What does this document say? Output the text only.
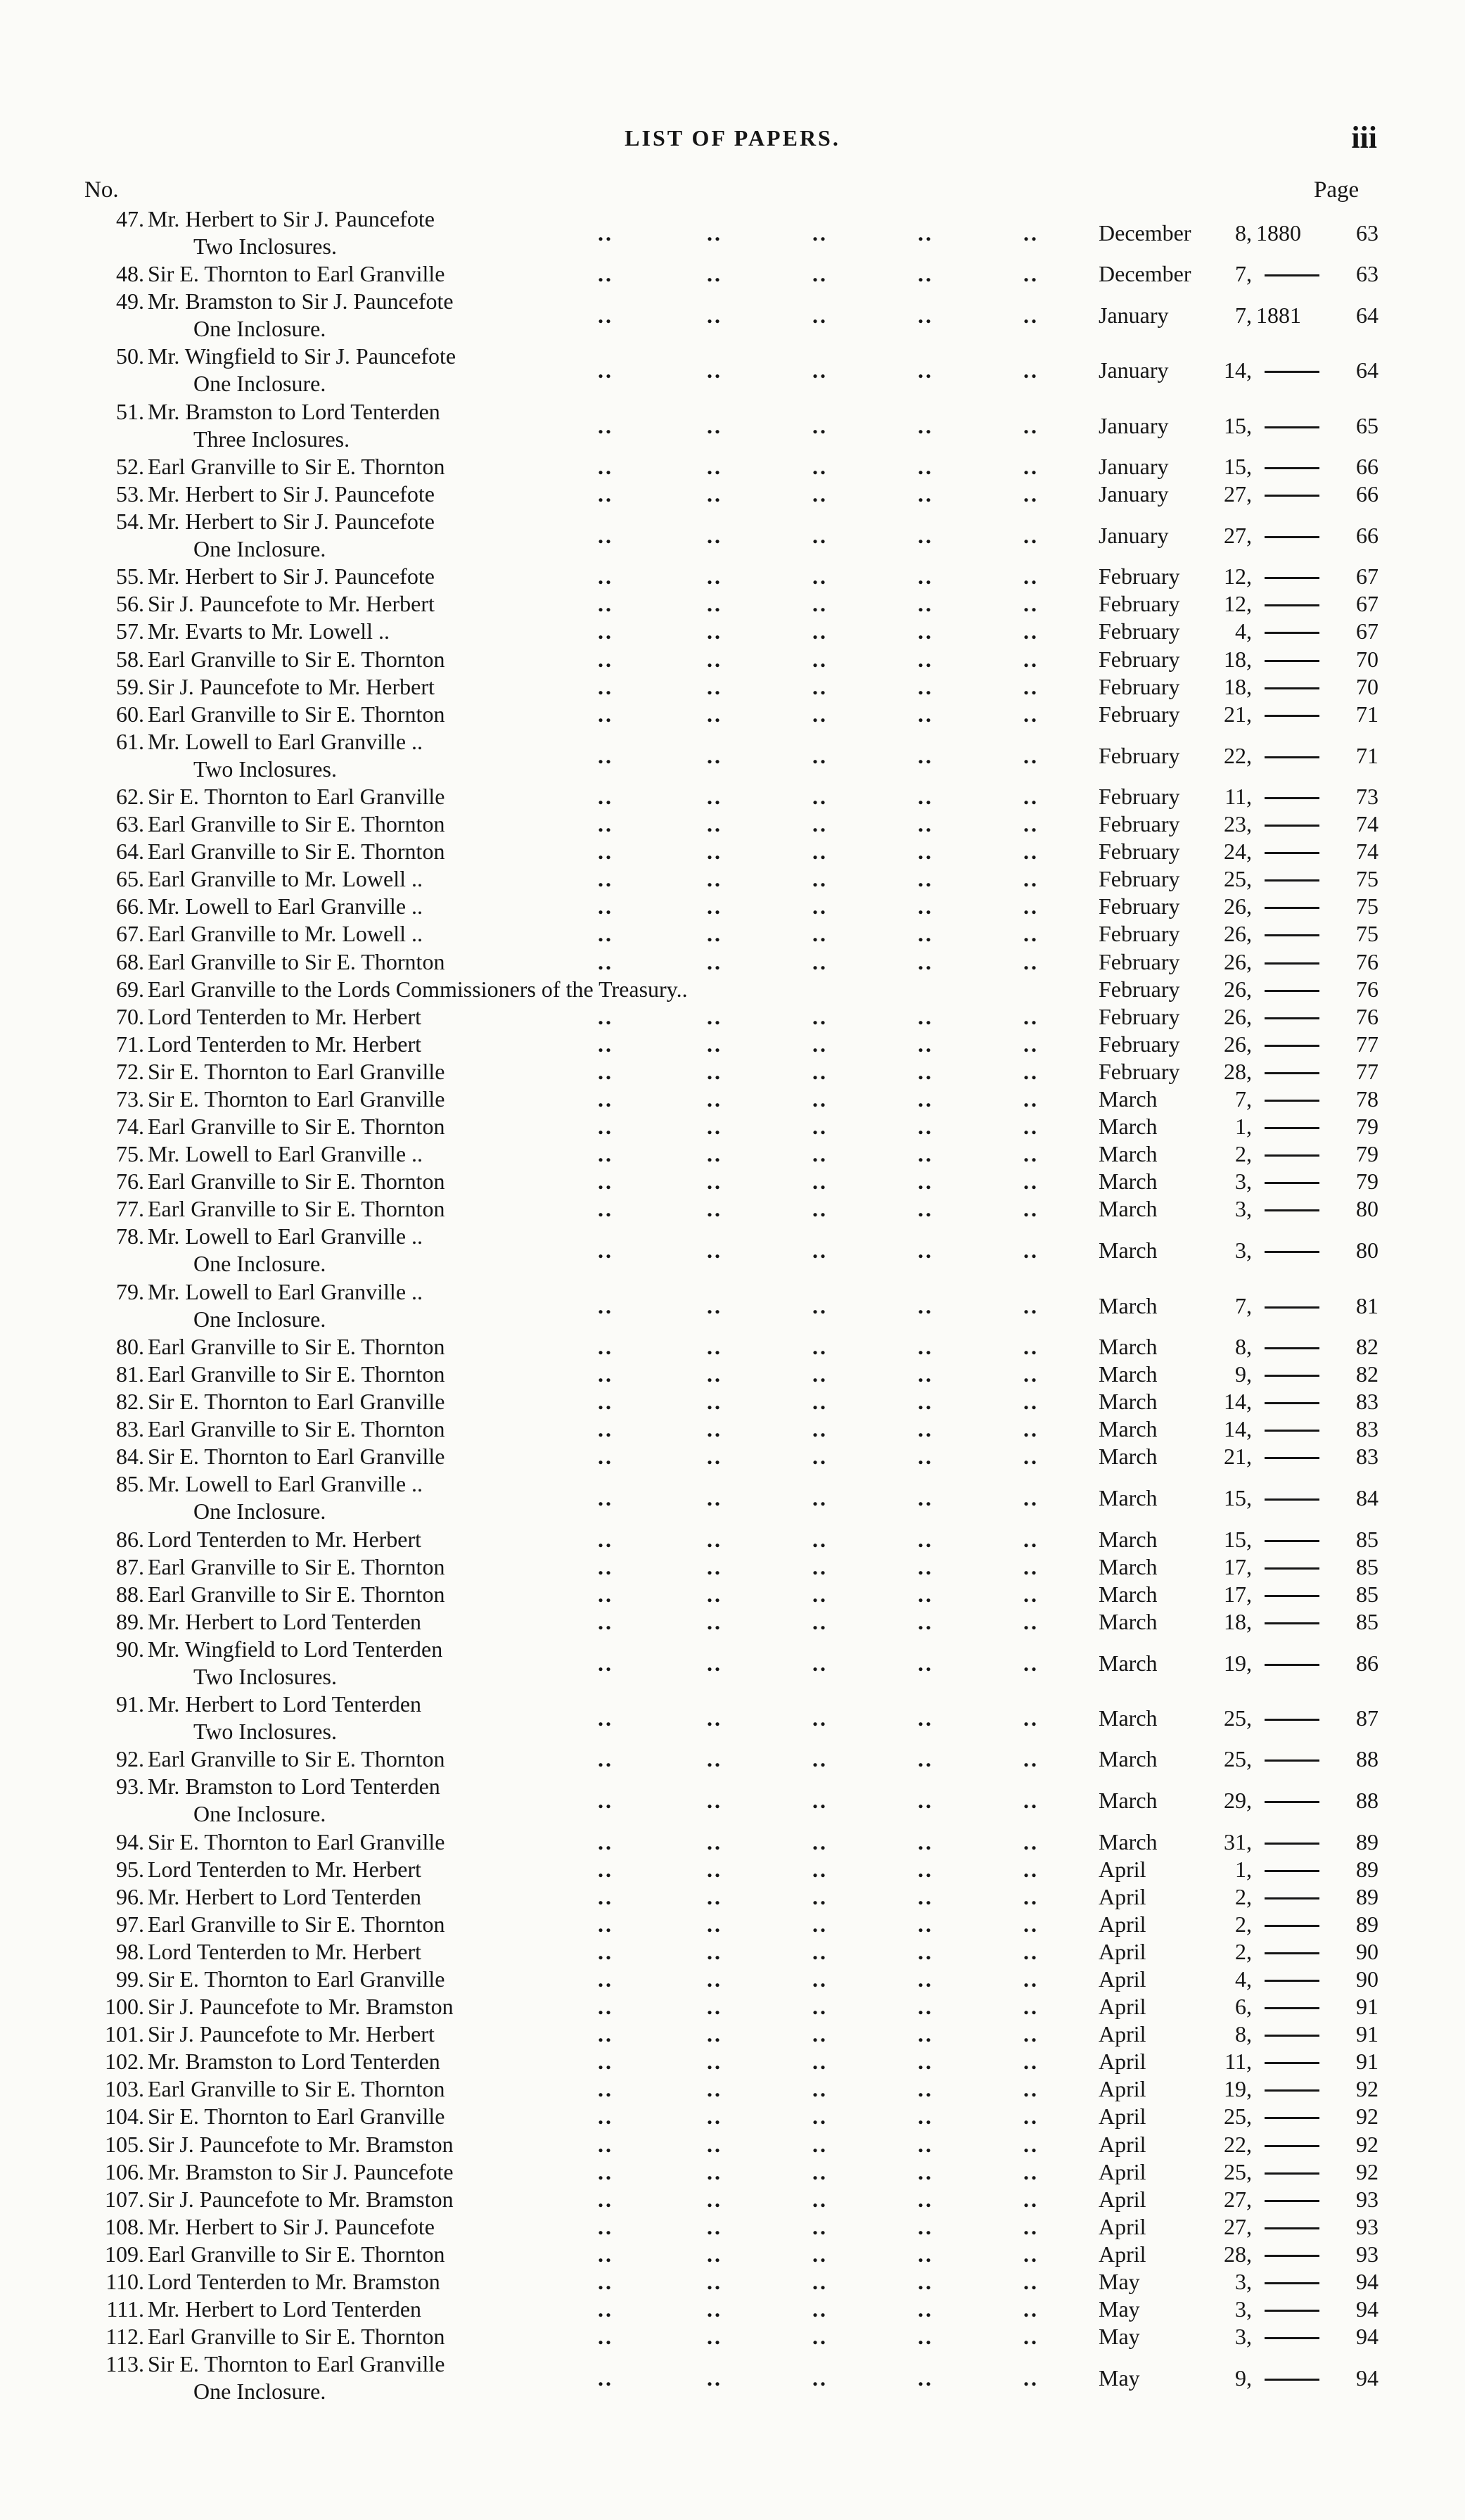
LIST OF PAPERS.	iii
No.	Page
47. Mr. Herbert to Sir J. Pauncefote
Two Inclosures.
..	..	..	..	..	December	8, 1880	63
48. Sir E. Thornton to Earl Granville	..	..	..	..	..	December	7,	63
49. Mr. Bramston to Sir J. Pauncefote
One Inclosure.
..	..	..	..	..	January	7, 1881	64
50. Mr. Wingfield to Sir J. Pauncefote
One Inclosure.
..	..	..	..	..	January	14,	64
51. Mr. Bramston to Lord Tenterden
Three Inclosures.
..	..	..	..	..	January	15,	65
52. Earl Granville to Sir E. Thornton	..	..	..	..	..	January	15,	66
53. Mr. Herbert to Sir J. Pauncefote	..	..	..	..	..	January	27,	66
54. Mr. Herbert to Sir J. Pauncefote
One Inclosure.
..	..	..	..	..	January	27,	66
55. Mr. Herbert to Sir J. Pauncefote	..	..	..	..	..	February	12,	67
56. Sir J. Pauncefote to Mr. Herbert	..	..	..	..	..	February	12,	67
57. Mr. Evarts to Mr. Lowell ..	..	..	..	..	..	February	4,	67
58. Earl Granville to Sir E. Thornton	..	..	..	..	..	February	18,	70
59. Sir J. Pauncefote to Mr. Herbert	..	..	..	..	..	February	18,	70
60. Earl Granville to Sir E. Thornton	..	..	..	..	..	February	21,	71
61. Mr. Lowell to Earl Granville ..
Two Inclosures.
..	..	..	..	..	February	22,	71
62. Sir E. Thornton to Earl Granville	..	..	..	..	..	February	11,	73
63. Earl Granville to Sir E. Thornton	..	..	..	..	..	February	23,	74
64. Earl Granville to Sir E. Thornton	..	..	..	..	..	February	24,	74
65. Earl Granville to Mr. Lowell ..	..	..	..	..	..	February	25,	75
66. Mr. Lowell to Earl Granville ..	..	..	..	..	..	February	26,	75
67. Earl Granville to Mr. Lowell ..	..	..	..	..	..	February	26,	75
68. Earl Granville to Sir E. Thornton	..	..	..	..	..	February	26,	76
69. Earl Granville to the Lords Commissioners of the Treasury..	February	26,	76
70. Lord Tenterden to Mr. Herbert	..	..	..	..	..	February	26,	76
71. Lord Tenterden to Mr. Herbert	..	..	..	..	..	February	26,	77
72. Sir E. Thornton to Earl Granville	..	..	..	..	..	February	28,	77
73. Sir E. Thornton to Earl Granville	..	..	..	..	..	March	7,	78
74. Earl Granville to Sir E. Thornton	..	..	..	..	..	March	1,	79
75. Mr. Lowell to Earl Granville ..	..	..	..	..	..	March	2,	79
76. Earl Granville to Sir E. Thornton	..	..	..	..	..	March	3,	79
77. Earl Granville to Sir E. Thornton	..	..	..	..	..	March	3,	80
78. Mr. Lowell to Earl Granville ..
One Inclosure.
..	..	..	..	..	March	3,	80
79. Mr. Lowell to Earl Granville ..
One Inclosure.
..	..	..	..	..	March	7,	81
80. Earl Granville to Sir E. Thornton	..	..	..	..	..	March	8,	82
81. Earl Granville to Sir E. Thornton	..	..	..	..	..	March	9,	82
82. Sir E. Thornton to Earl Granville	..	..	..	..	..	March	14,	83
83. Earl Granville to Sir E. Thornton	..	..	..	..	..	March	14,	83
84. Sir E. Thornton to Earl Granville	..	..	..	..	..	March	21,	83
85. Mr. Lowell to Earl Granville ..
One Inclosure.
..	..	..	..	..	March	15,	84
86. Lord Tenterden to Mr. Herbert	..	..	..	..	..	March	15,	85
87. Earl Granville to Sir E. Thornton	..	..	..	..	..	March	17,	85
88. Earl Granville to Sir E. Thornton	..	..	..	..	..	March	17,	85
89. Mr. Herbert to Lord Tenterden	..	..	..	..	..	March	18,	85
90. Mr. Wingfield to Lord Tenterden
Two Inclosures.
..	..	..	..	..	March	19,	86
91. Mr. Herbert to Lord Tenterden
Two Inclosures.
..	..	..	..	..	March	25,	87
92. Earl Granville to Sir E. Thornton	..	..	..	..	..	March	25,	88
93. Mr. Bramston to Lord Tenterden
One Inclosure.
..	..	..	..	..	March	29,	88
94. Sir E. Thornton to Earl Granville	..	..	..	..	..	March	31,	89
95. Lord Tenterden to Mr. Herbert	..	..	..	..	..	April	1,	89
96. Mr. Herbert to Lord Tenterden	..	..	..	..	..	April	2,	89
97. Earl Granville to Sir E. Thornton	..	..	..	..	..	April	2,	89
98. Lord Tenterden to Mr. Herbert	..	..	..	..	..	April	2,	90
99. Sir E. Thornton to Earl Granville	..	..	..	..	..	April	4,	90
100. Sir J. Pauncefote to Mr. Bramston	..	..	..	..	..	April	6,	91
101. Sir J. Pauncefote to Mr. Herbert	..	..	..	..	..	April	8,	91
102. Mr. Bramston to Lord Tenterden	..	..	..	..	..	April	11,	91
103. Earl Granville to Sir E. Thornton	..	..	..	..	..	April	19,	92
104. Sir E. Thornton to Earl Granville	..	..	..	..	..	April	25,	92
105. Sir J. Pauncefote to Mr. Bramston	..	..	..	..	..	April	22,	92
106. Mr. Bramston to Sir J. Pauncefote	..	..	..	..	..	April	25,	92
107. Sir J. Pauncefote to Mr. Bramston	..	..	..	..	..	April	27,	93
108. Mr. Herbert to Sir J. Pauncefote	..	..	..	..	..	April	27,	93
109. Earl Granville to Sir E. Thornton	..	..	..	..	..	April	28,	93
110. Lord Tenterden to Mr. Bramston	..	..	..	..	..	May	3,	94
111. Mr. Herbert to Lord Tenterden	..	..	..	..	..	May	3,	94
112. Earl Granville to Sir E. Thornton	..	..	..	..	..	May	3,	94
113. Sir E. Thornton to Earl Granville
One Inclosure.
..	..	..	..	..	May	9,	94
